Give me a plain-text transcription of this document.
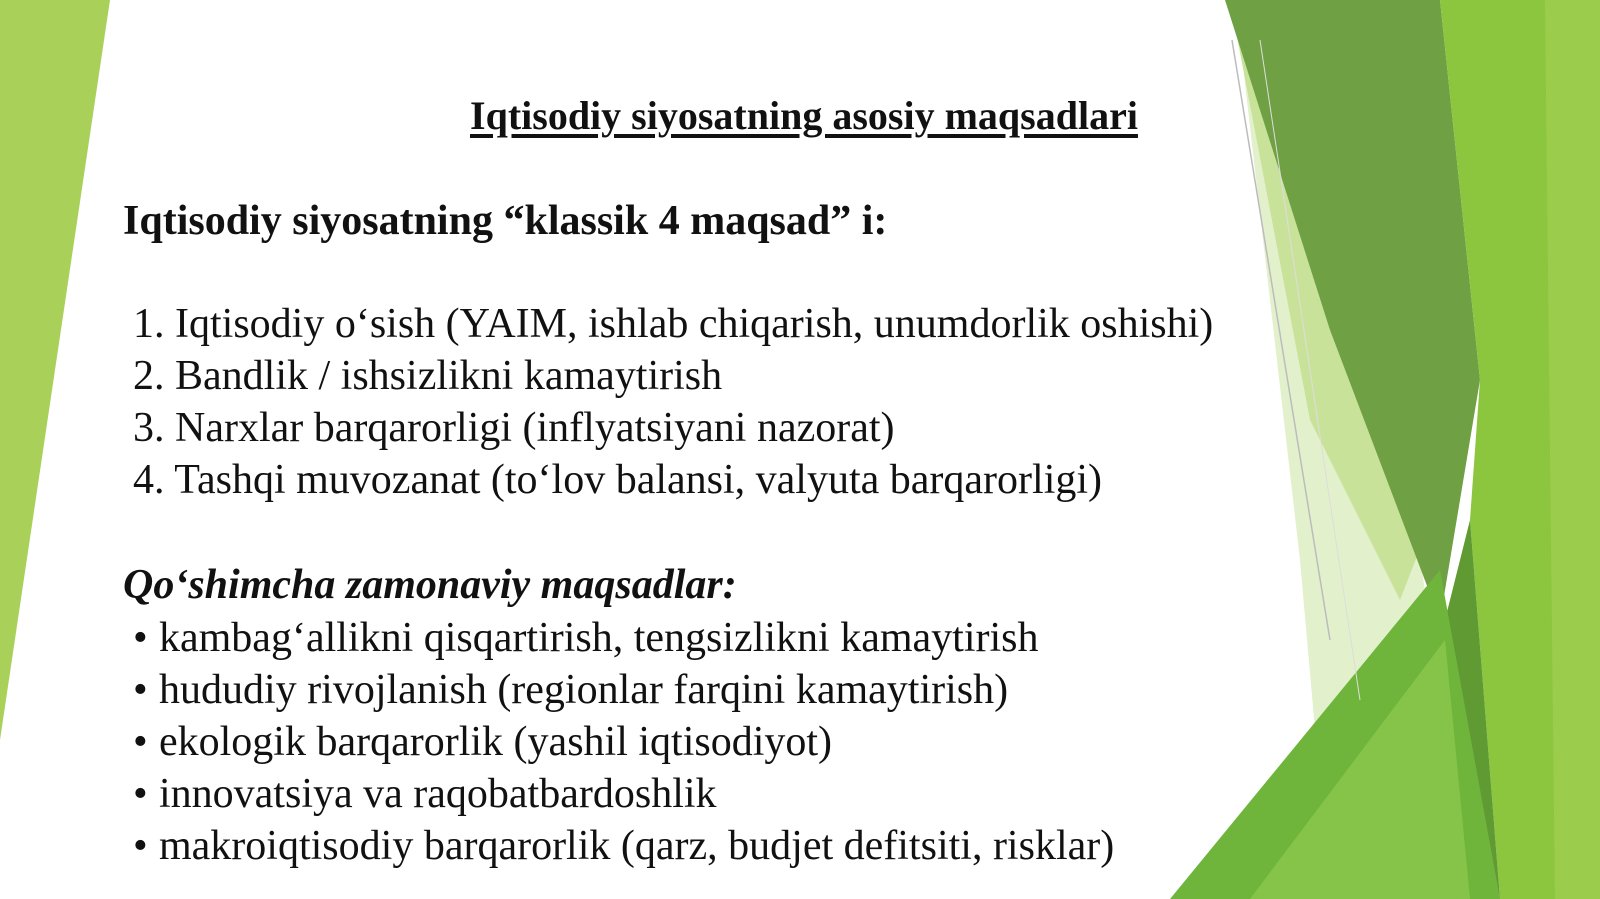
Iqtisodiy siyosatning asosiy maqsadlari
Iqtisodiy siyosatning “klassik 4 maqsad” i:
1. Iqtisodiy o‘sish (YAIM, ishlab chiqarish, unumdorlik oshishi)
2. Bandlik / ishsizlikni kamaytirish
3. Narxlar barqarorligi (inflyatsiyani nazorat)
4. Tashqi muvozanat (to‘lov balansi, valyuta barqarorligi)
Qo‘shimcha zamonaviy maqsadlar:
• kambag‘allikni qisqartirish, tengsizlikni kamaytirish
• hududiy rivojlanish (regionlar farqini kamaytirish)
• ekologik barqarorlik (yashil iqtisodiyot)
• innovatsiya va raqobatbardoshlik
• makroiqtisodiy barqarorlik (qarz, budjet defitsiti, risklar)
